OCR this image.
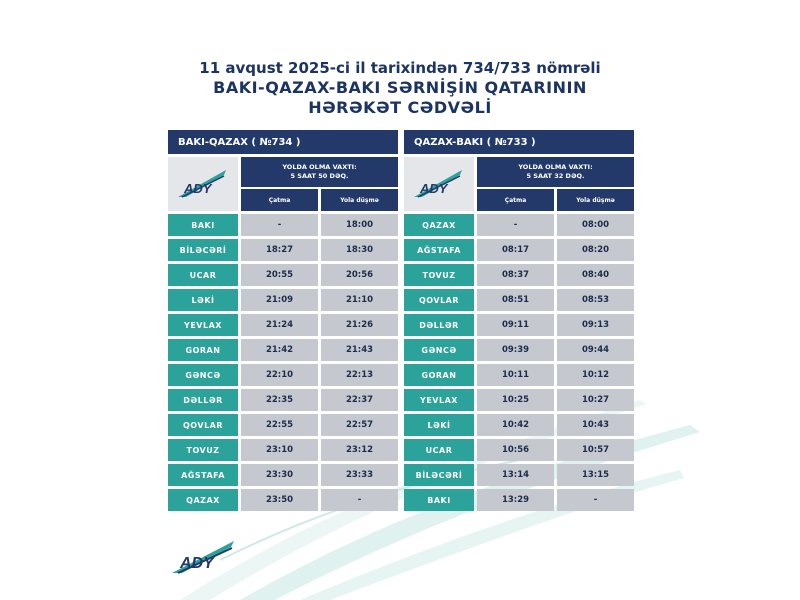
11 avqust 2025-ci il tarixindən 734/733 nömrəli
BAKI-QAZAX-BAKI SƏRNİŞİN QATARININ
HƏRƏKƏT CƏDVƏLİ
BAKI-QAZAX ( №734 )
ADY
YOLDA OLMA VAXTI:
5 SAAT 50 DƏQ.
Çatma	Yola düşmə
BAKI	-	18:00
BİLƏCƏRİ	18:27	18:30
UCAR	20:55	20:56
LƏKİ	21:09	21:10
YEVLAX	21:24	21:26
GORAN	21:42	21:43
GƏNCƏ	22:10	22:13
DƏLLƏR	22:35	22:37
QOVLAR	22:55	22:57
TOVUZ	23:10	23:12
AĞSTAFA	23:30	23:33
QAZAX	23:50	-
QAZAX-BAKI ( №733 )
ADY
YOLDA OLMA VAXTI:
5 SAAT 32 DƏQ.
Çatma	Yola düşmə
QAZAX	-	08:00
AĞSTAFA	08:17	08:20
TOVUZ	08:37	08:40
QOVLAR	08:51	08:53
DƏLLƏR	09:11	09:13
GƏNCƏ	09:39	09:44
GORAN	10:11	10:12
YEVLAX	10:25	10:27
LƏKİ	10:42	10:43
UCAR	10:56	10:57
BİLƏCƏRİ	13:14	13:15
BAKI	13:29	-
ADY
